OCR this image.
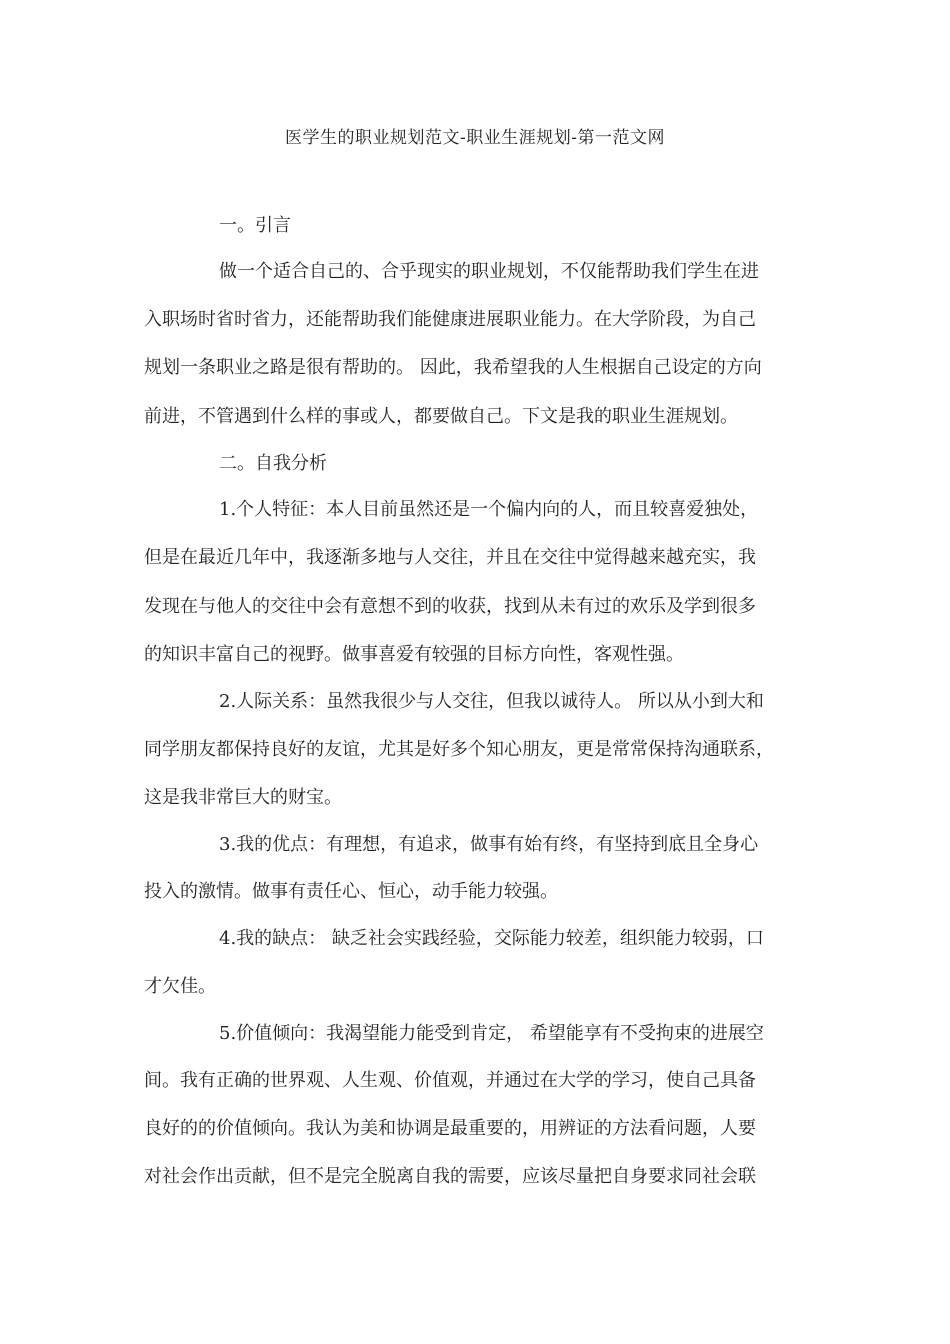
医学生的职业规划范文-职业生涯规划-第一范文网
一。引言
做一个适合自己的、合乎现实的职业规划，不仅能帮助我们学生在进
入职场时省时省力，还能帮助我们能健康进展职业能力。在大学阶段，为自己
规划一条职业之路是很有帮助的。 因此，我希望我的人生根据自己设定的方向
前进，不管遇到什么样的事或人，都要做自己。下文是我的职业生涯规划。
二。自我分析
1.个人特征：本人目前虽然还是一个偏内向的人，而且较喜爱独处，
但是在最近几年中，我逐渐多地与人交往，并且在交往中觉得越来越充实，我
发现在与他人的交往中会有意想不到的收获，找到从未有过的欢乐及学到很多
的知识丰富自己的视野。做事喜爱有较强的目标方向性，客观性强。
2.人际关系：虽然我很少与人交往，但我以诚待人。 所以从小到大和
同学朋友都保持良好的友谊，尤其是好多个知心朋友，更是常常保持沟通联系，
这是我非常巨大的财宝。
3.我的优点：有理想，有追求，做事有始有终，有坚持到底且全身心
投入的激情。做事有责任心、恒心，动手能力较强。
4.我的缺点： 缺乏社会实践经验，交际能力较差，组织能力较弱，口
才欠佳。
5.价值倾向：我渴望能力能受到肯定， 希望能享有不受拘束的进展空
间。我有正确的世界观、人生观、价值观，并通过在大学的学习，使自己具备
良好的的价值倾向。我认为美和协调是最重要的，用辨证的方法看问题，人要
对社会作出贡献，但不是完全脱离自我的需要，应该尽量把自身要求同社会联
